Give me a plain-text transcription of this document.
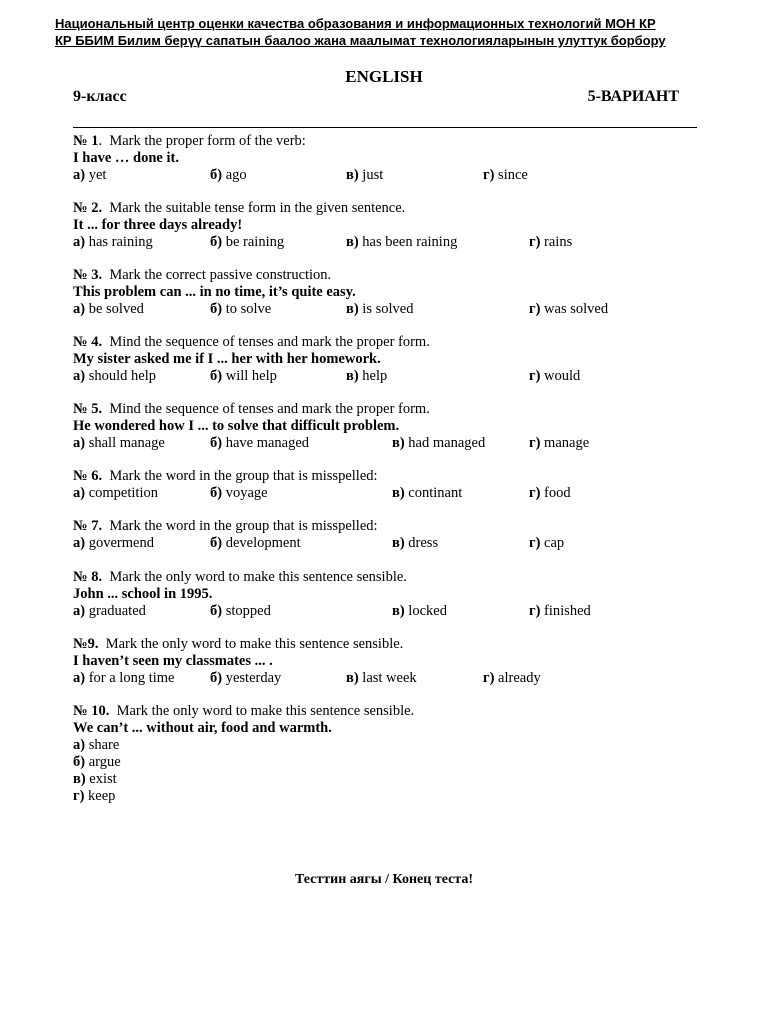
Национальный центр оценки качества образования и информационных технологий МОН КР
КР ББИМ Билим берүү сапатын баалоо жана маалымат технологияларынын улуттук борбору
ENGLISH
9-класс	5-ВАРИАНТ
№ 1. Mark the proper form of the verb:
I have … done it.
а) yet	б) ago	в) just	г) since
№ 2. Mark the suitable tense form in the given sentence.
It ... for three days already!
а) has raining	б) be raining	в) has been raining	г) rains
№ 3. Mark the correct passive construction.
This problem can ... in no time, it’s quite easy.
а) be solved	б) to solve	в) is solved	г) was solved
№ 4. Mind the sequence of tenses and mark the proper form.
My sister asked me if I ... her with her homework.
а) should help	б) will help	в) help	г) would
№ 5. Mind the sequence of tenses and mark the proper form.
He wondered how I ... to solve that difficult problem.
а) shall manage	б) have managed	в) had managed	г) manage
№ 6. Mark the word in the group that is misspelled:
а) competition	б) voyage	в) continant	г) food
№ 7. Mark the word in the group that is misspelled:
а) govermend	б) development	в) dress	г) cap
№ 8. Mark the only word to make this sentence sensible.
John ... school in 1995.
а) graduated	б) stopped	в) locked	г) finished
№9. Mark the only word to make this sentence sensible.
I haven’t seen my classmates ... .
а) for a long time б) yesterday	в) last week	г) already
№ 10. Mark the only word to make this sentence sensible.
We can’t ... without air, food and warmth.
а) share
б) argue
в) exist
г) keep
Тесттин аягы / Конец теста!
